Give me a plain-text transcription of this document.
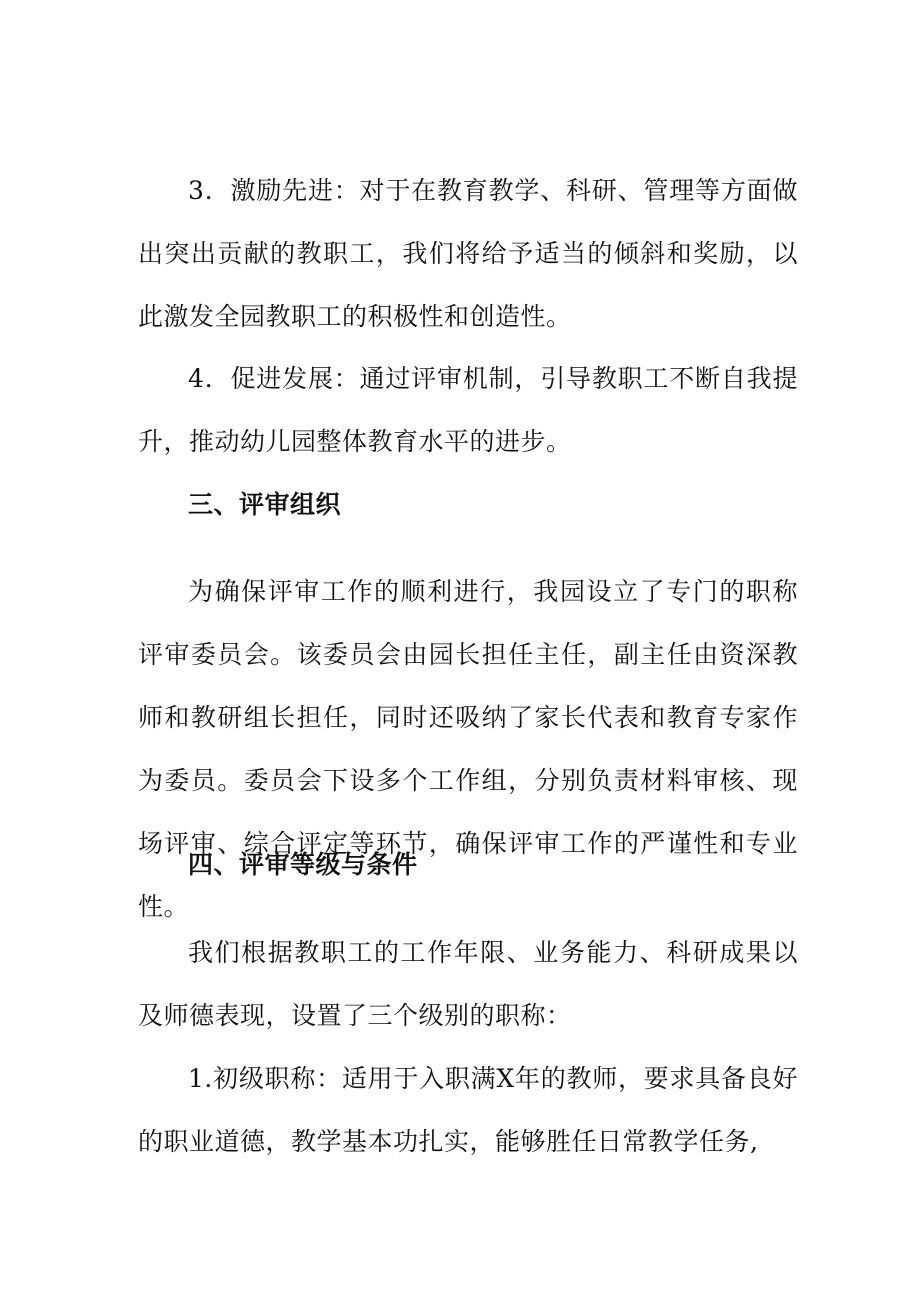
3．激励先进：对于在教育教学、科研、管理等方面做出突出贡献的教职工，我们将给予适当的倾斜和奖励，以此激发全园教职工的积极性和创造性。

4．促进发展：通过评审机制，引导教职工不断自我提升，推动幼儿园整体教育水平的进步。

三、评审组织

为确保评审工作的顺利进行，我园设立了专门的职称评审委员会。该委员会由园长担任主任，副主任由资深教师和教研组长担任，同时还吸纳了家长代表和教育专家作为委员。委员会下设多个工作组，分别负责材料审核、现场评审、综合评定等环节，确保评审工作的严谨性和专业性。

四、评审等级与条件

我们根据教职工的工作年限、业务能力、科研成果以及师德表现，设置了三个级别的职称：

1.初级职称：适用于入职满X年的教师，要求具备良好的职业道德，教学基本功扎实，能够胜任日常教学任务,
